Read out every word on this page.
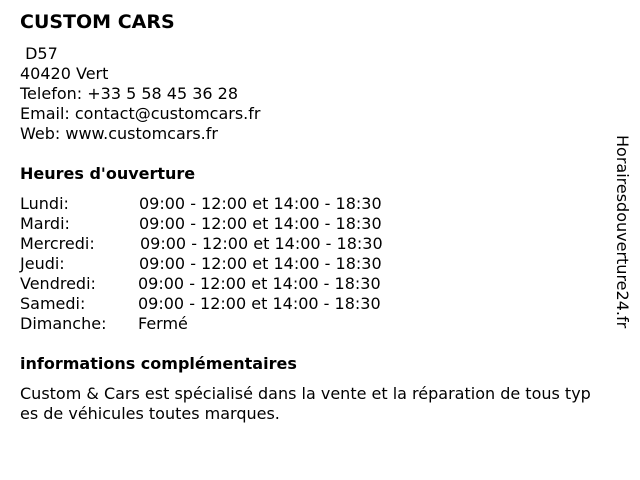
CUSTOM CARS
D57
40420 Vert
Telefon: +33 5 58 45 36 28
Email: contact@customcars.fr
Web: www.customcars.fr
Heures d'ouverture
Lundi:	09:00 - 12:00 et 14:00 - 18:30
Mardi:	09:00 - 12:00 et 14:00 - 18:30
Mercredi:	09:00 - 12:00 et 14:00 - 18:30
Jeudi:	09:00 - 12:00 et 14:00 - 18:30
Vendredi:	09:00 - 12:00 et 14:00 - 18:30
Samedi:	09:00 - 12:00 et 14:00 - 18:30
Dimanche: Fermé
informations complémentaires
Custom & Cars est spécialisé dans la vente et la réparation de tous types de véhicules toutes marques.
Horairesdouverture24.fr
